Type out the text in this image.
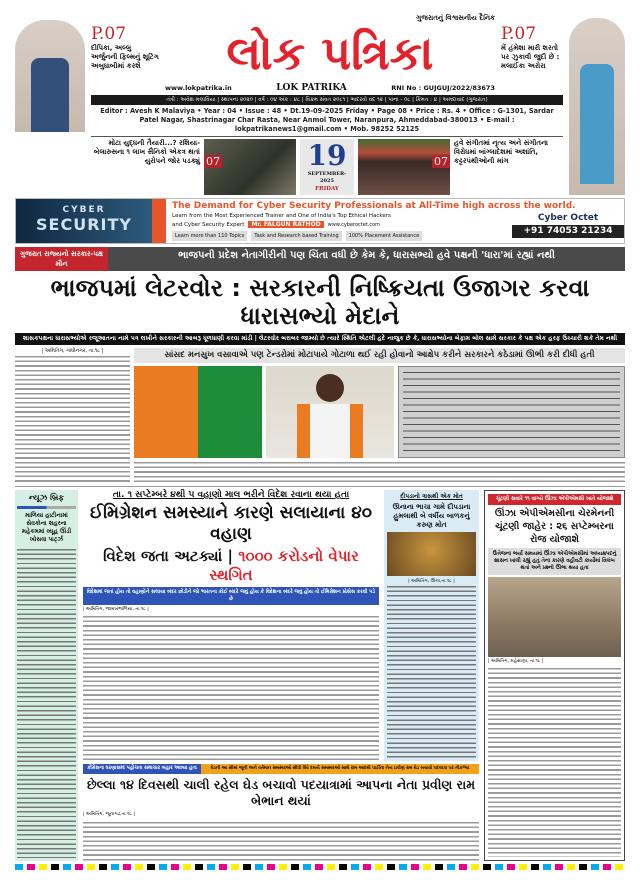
P.07
દીપિકા, અલ્લુ અર્જુનની ફિલ્મનું શૂટિંગ અબુધાબીમાં કરશે
ગુજરાતનું વિશ્વસનીય દૈનિક
લોક પત્રિકા
www.lokpatrika.in	LOK PATRIKA	RNI No : GUJGUJ/2022/83673
P.07
મેં હંમેશા મારી શરતો પર ઝુકાવી જુદી છે : મલાઈકા અરોરા
તંત્રી : અવેશ મલાવિયા | સ્થાપના ૨૦૨૦ | વર્ષ : ૦૪ અંક : ૪૮ | વિક્રમ સંવત ૨૦૮૧ | ભાદરવો વદ ૧૨ | પાના - ૦૮ | કિંમત : ૪ | અમદાવાદ (ગુજરાત)
Editor : Avesh K Malaviya • Year : 04 • Issue : 48 • Dt.19-09-2025 Friday • Page 08 • Price : Rs. 4 • Office : G-1301, Sardar Patel Nagar, Shastrinagar Char Rasta, Near Anmol Tower, Naranpura, Ahmeddabad-380013 • E-mail : lokpatrikanews1@gmail.com • Mob. 98252 52125
મોટા યુદ્ધની તૈયારી...? રશિયા-બેલારુસના ૧ લાખ સૈનિકો એકત્ર થતાં યુરોપને જોર પડક્યું 07	19
SEPTEMBER- 2025
FRIDAY
07
હવે સંગીતમાં નૃત્ય અને સંગીતના વિરોધમાં બાંગ્લાદેશમાં અશાંતિ, કટ્ટરપંથીઓની માંગ
CYBER
SECURITY
The Demand for Cyber Security Professionals at All-Time high across the world.
Learn from the Most Experienced Trainer and One of India's Top Ethical Hackers
and Cyber Security Expert	Mr. FALGUN RATHOD	www.cyberoctet.com
Learn more than 110 Topics	Task and Research based Training	100% Placement Assistance
Cyber Octet
+91 74053 21234
ગુજરાત રાજ્યનો સરકાર-પક્ષ મૌન
ભાજપની પ્રદેશ નેતાગીરીની પણ ચિંતા વધી છે કેમ કે, ધારાસભ્યો હવે પક્ષની 'ધારા'માં રહ્યાં નથી
ભાજપમાં લેટરવોર : સરકારની નિષ્ક્રિયતા ઉજાગર કરવા ધારાસભ્યો મેદાને
શાસકપક્ષના ધારાસભ્યોએ રજૂઆતના નામે પત્ર લખીને સરકારની આબરૂ ધૂળધાણી કરવા માંડી | લેટરવોર બરાબર જામ્યો છે ત્યારે સ્થિતિ એટલી હદે નાજુક છે કે, ધારાસભ્યોના બેફામ બોલ સામે સરકાર કે પક્ષ એક હરફ ઉચ્ચારી શકે તેમ નથી
| અમિતિંગ, ગાંધીનગર, તા.૧૮ |	સાંસદ મનસુખ વસાવાએ પણ ટેન્ડરોમાં મોટાપાયે ગોટાળા થઈ રહી હોવાનો આક્ષેપ કરીને સરકારને કઠેડામાં ઊભી કરી દીધી હતી
ન્યૂઝ બ્રિફ
માળિયા હાટીનામાં સેવકોના શહરના મહેકમમાં વ્યૂહ ઊંડી ખોસવા પાર્ટ્ઝ
તા. ૧ સપ્ટેમ્બરે ૪થી ૫ વહાણો માલ ભરીને વિદેશ રવાના થયા હતા
ઈમિગ્રેશન સમસ્યાને કારણે સલાયાના ૪૦ વહાણ
વિદેશ જતા અટક્યાં | ૧૦૦૦ કરોડનો વેપાર સ્થગિત
વિદેશમાં જતાં હોય તો વહાણોને સલાયા બંદર છોડીને જો ભારતના કોઈ બંદરે જવું હોય કે વિદેશના બંદરે જવું હોય તો ઈમિગ્રેશન પ્રોસેસ કરવી પડે છે
| અમિતિંગ, જામખંભાળિયા, તા.૧૮ |
દીપડાનો ત્રાસથી એક મોત
ઊનાના ભાચા ગામે દીપડાના હુમલાથી બે વર્ષીય બાળકનું કરુણ મોત
| અમિતિંગ, ઊના,તા.૧૮ |
કોંગ્રેસના ધરણાસમાં પહોંચતા સમાચાર બહાર આવ્યા હતા	ઘેડની આ સીમાં જૂની અને વર્તમાન સમસ્યાઓ સીધી વિષે દમતી સમસ્યાઓ સાથે રામ આદમી પાર્ટીના નેતા પ્રવીણ રામ ઘેડ બચાવો પદયાત્રા પર નીકળ્યા
છેલ્લા ૧૪ દિવસથી ચાલી રહેલ ઘેડ બચાવો પદયાત્રામાં આપના નેતા પ્રવીણ રામ બેભાન થયાં
| અમિતિંગ, જૂનાગઢ,તા.૧૮ |
ચૂંટણી સવારે ૧૧ વાગ્યે ઊંઝા એપીએમસી ખાતે યોજાશે
ઊંઝા એપીએમસીના ચેરમેનની ચૂંટણી જાહેર : ૨૬ સપ્ટેમ્બરના રોજ યોજાશે
ઉત્તેજના ભર્યા સમયમાં ઊંઝા એપીએમસીમાં અધ્યક્ષપદનું શાસન ખાલી રહ્યું હતું તેના કારણે વહીવટી કાર્યોમાં વિલંબ થતાં અને પ્રશ્નો ઊભા થયા હતા
| અમિતિંગ, મહેસાણા, તા.૧૮ |
